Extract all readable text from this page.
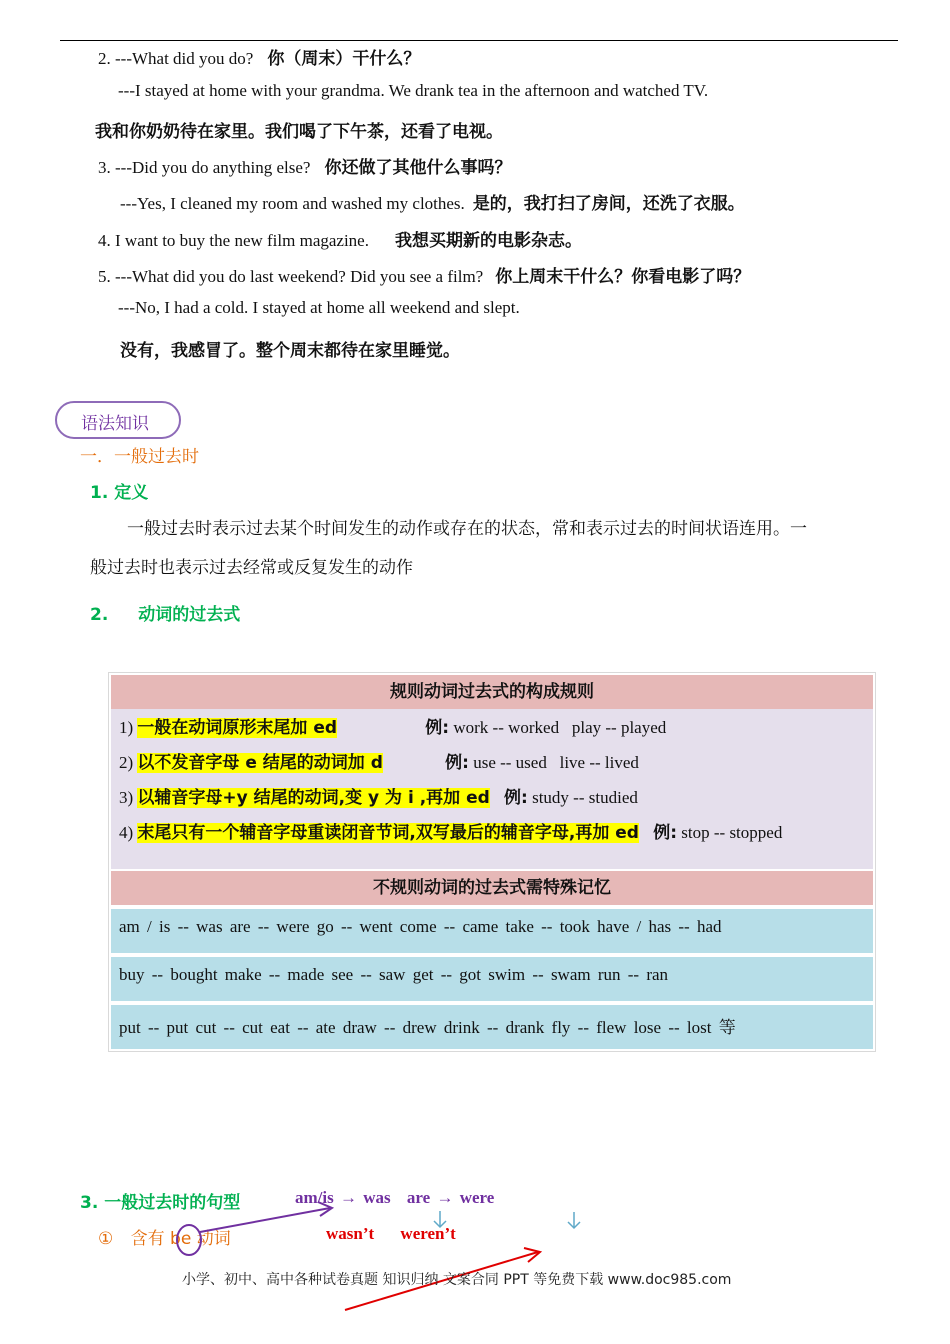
2. ---What did you do? 你（周末）干什么？
---I stayed at home with your grandma. We drank tea in the afternoon and watched TV.
我和你奶奶待在家里。我们喝了下午茶，还看了电视。
3. ---Did you do anything else? 你还做了其他什么事吗？
---Yes, I cleaned my room and washed my clothes. 是的，我打扫了房间，还洗了衣服。
4. I want to buy the new film magazine. 我想买期新的电影杂志。
5. ---What did you do last weekend? Did you see a film? 你上周末干什么？你看电影了吗？
---No, I had a cold. I stayed at home all weekend and slept.
没有，我感冒了。整个周末都待在家里睡觉。
语法知识
一．一般过去时
1. 定义
一般过去时表示过去某个时间发生的动作或存在的状态，常和表示过去的时间状语连用。一
般过去时也表示过去经常或反复发生的动作
2. 动词的过去式
规则动词过去式的构成规则
1) 一般在动词原形末尾加 ed	例: work -- worked   play -- played
2) 以不发音字母 e 结尾的动词加 d	例: use -- used   live -- lived
3) 以辅音字母+y 结尾的动词,变 y 为 i ,再加 ed 例: study -- studied
4) 末尾只有一个辅音字母重读闭音节词,双写最后的辅音字母,再加 ed 例: stop -- stopped
不规则动词的过去式需特殊记忆
am / is -- was are -- were go -- went come -- came take -- took have / has -- had
buy -- bought make -- made see -- saw get -- got swim -- swam run -- ran
put -- put cut -- cut eat -- ate draw -- drew drink -- drank fly -- flew lose -- lost 等
3. 一般过去时的句型	am/is → was are → were
① 含有 be 动词	wasn’t weren’t
小学、初中、高中各种试卷真题 知识归纳 文案合同 PPT 等免费下载 www.doc985.com
